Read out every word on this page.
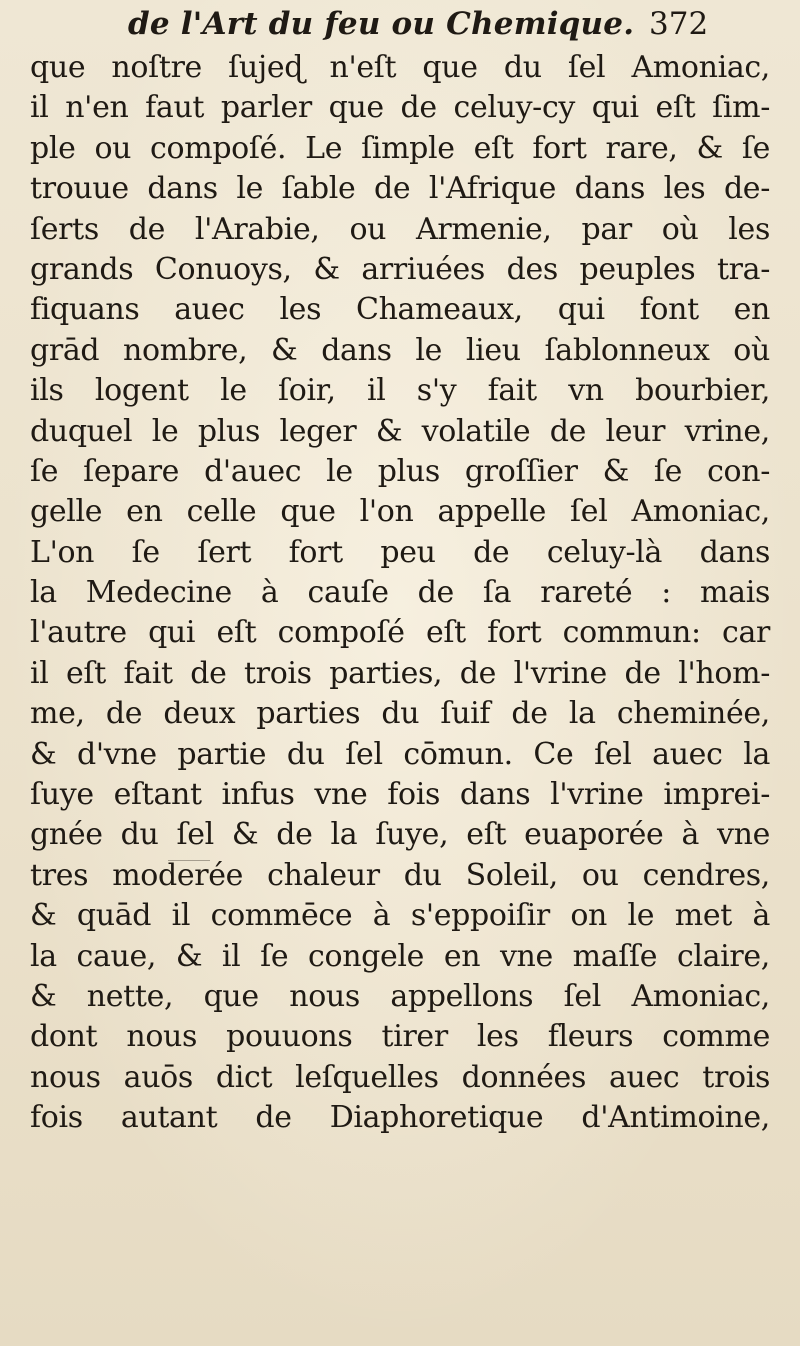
de l'Art du feu ou Chemique. 372
que noſtre ſujeɖ n'eſt que du ſel Amoniac,
il n'en faut parler que de celuy-cy qui eſt ſim-
ple ou compoſé. Le ſimple eſt fort rare, & ſe
trouue dans le ſable de l'Afrique dans les de-
ſerts de l'Arabie, ou Armenie, par où les
grands Conuoys, & arriuées des peuples tra-
fiquans auec les Chameaux, qui font en
grād nombre, & dans le lieu ſablonneux où
ils logent le ſoir, il s'y fait vn bourbier,
duquel le plus leger & volatile de leur vrine,
ſe ſepare d'auec le plus groſſier & ſe con-
gelle en celle que l'on appelle ſel Amoniac,
L'on ſe ſert fort peu de celuy-là dans
la Medecine à cauſe de ſa rareté : mais
l'autre qui eſt compoſé eſt fort commun: car
il eſt fait de trois parties, de l'vrine de l'hom-
me, de deux parties du ſuif de la cheminée,
& d'vne partie du ſel cōmun. Ce ſel auec la
ſuye eſtant infus vne fois dans l'vrine imprei-
gnée du ſel & de la ſuye, eſt euaporée à vne
tres moderée chaleur du Soleil, ou cendres,
& quād il commēce à s'eppoiſir on le met à
la caue, & il ſe congele en vne maſſe claire,
& nette, que nous appellons ſel Amoniac,
dont nous pouuons tirer les fleurs comme
nous auōs dict leſquelles données auec trois
fois autant de Diaphoretique d'Antimoine,
